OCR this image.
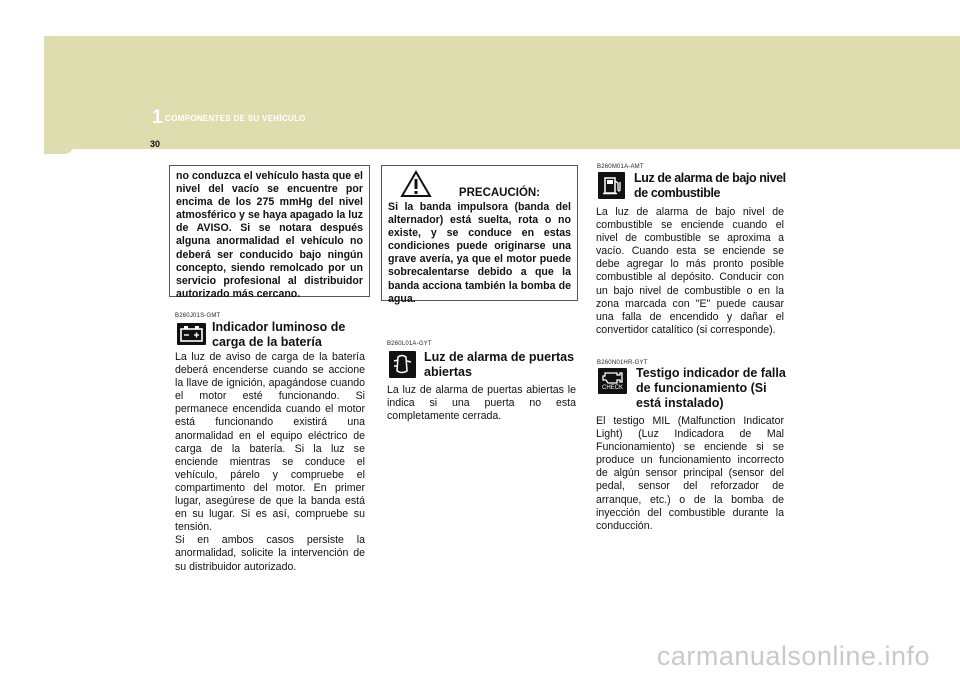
1 COMPONENTES DE SU VEHÍCULO
30

no conduzca el vehículo hasta que el nivel del vacío se encuentre por encima de los 275 mmHg del nivel atmosférico y se haya apagado la luz de AVISO. Si se notara después alguna anormalidad el vehículo no deberá ser conducido bajo ningún concepto, siendo remolcado por un servicio profesional al distribuidor autorizado más cercano.

B260J01S-GMT
Indicador luminoso de carga de la batería

La luz de aviso de carga de la batería deberá encenderse cuando se accione la llave de ignición, apagándose cuando el motor esté funcionando. Si permanece encendida cuando el motor está funcionando existirá una anormalidad en el equipo eléctrico de carga de la batería. Si la luz se enciende mientras se conduce el vehículo, párelo y compruebe el compartimento del motor. En primer lugar, asegúrese de que la banda está en su lugar. Si es así, compruebe su tensión.

Si en ambos casos persiste la anormalidad, solicite la intervención de su distribuidor autorizado.

PRECAUCIÓN:

Si la banda impulsora (banda del alternador) está suelta, rota o no existe, y se conduce en estas condiciones puede originarse una grave avería, ya que el motor puede sobrecalentarse debido a que la banda acciona también la bomba de agua.

B260L01A-GYT
Luz de alarma de puertas abiertas

La luz de alarma de puertas abiertas le indica si una puerta no esta completamente cerrada.

B260M01A-AMT
Luz de alarma de bajo nivel de combustible

La luz de alarma de bajo nivel de combustible se enciende cuando el nivel de combustible se aproxima a vacío. Cuando esta se enciende se debe agregar lo más pronto posible combustible al depósito. Conducir con un bajo nivel de combustible o en la zona marcada con "E" puede causar una falla de encendido y dañar el convertidor catalítico (si corresponde).

B260N01HR-GYT
CHECK
Testigo indicador de falla de funcionamiento (Si está instalado)

El testigo MIL (Malfunction Indicator Light) (Luz Indicadora de Mal Funcionamiento) se enciende si se produce un funcionamiento incorrecto de algún sensor principal (sensor del pedal, sensor del reforzador de arranque, etc.) o de la bomba de inyección del combustible durante la conducción.

carmanualsonline.info
